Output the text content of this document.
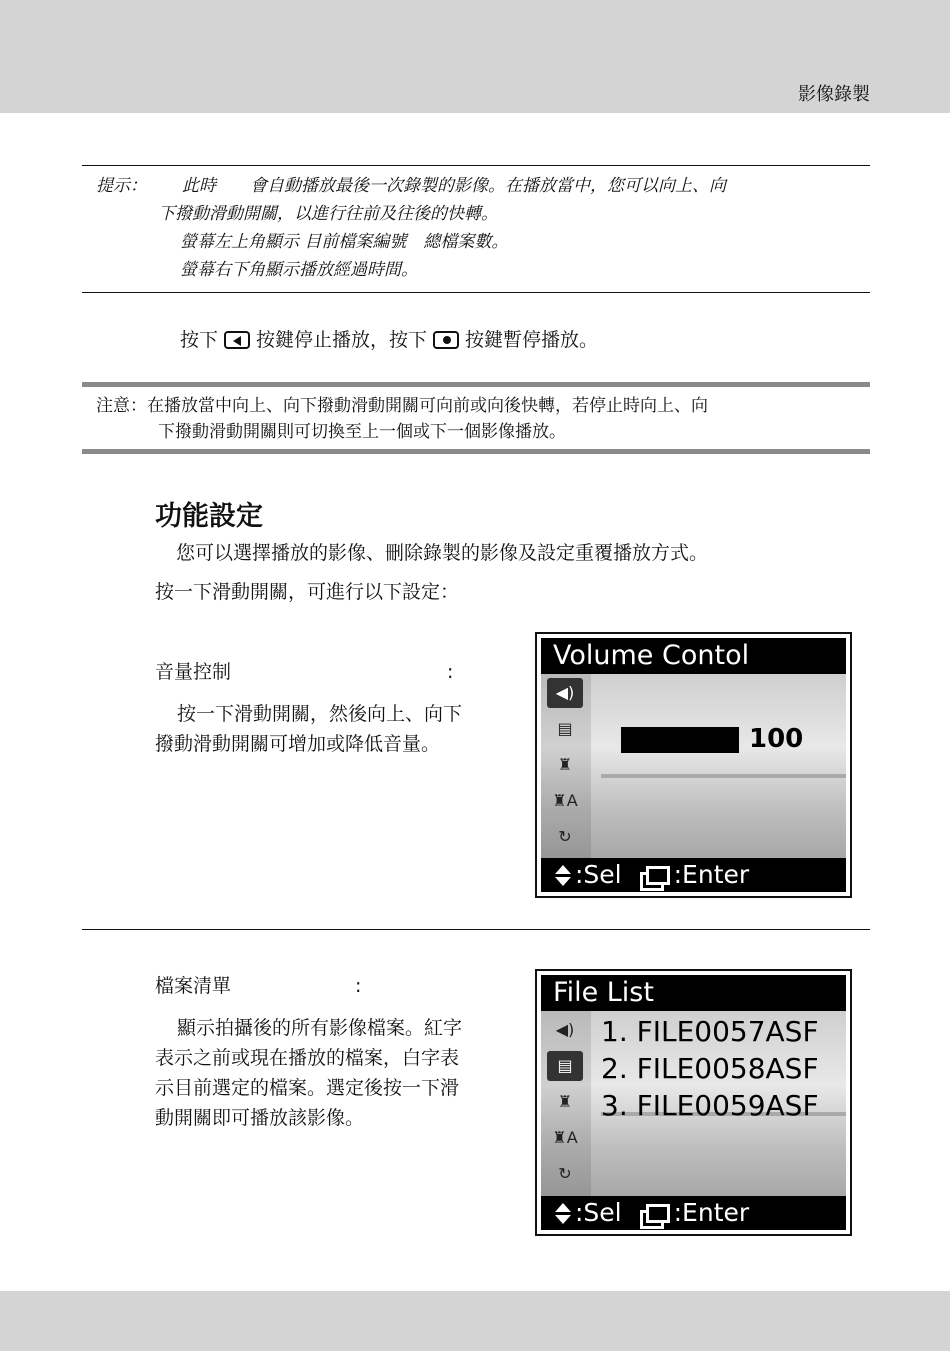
影像錄製
提示： 此時　　會自動播放最後一次錄製的影像。在播放當中，您可以向上、向
下撥動滑動開關，以進行往前及往後的快轉。
螢幕左上角顯示 目前檔案編號　總檔案數。
螢幕右下角顯示播放經過時間。
按下 按鍵停止播放，按下 按鍵暫停播放。
注意：在播放當中向上、向下撥動滑動開關可向前或向後快轉，若停止時向上、向
下撥動滑動開關則可切換至上一個或下一個影像播放。
功能設定
您可以選擇播放的影像、刪除錄製的影像及設定重覆播放方式。
按一下滑動開關，可進行以下設定：
音量控制	:
按一下滑動開關，然後向上、向下
撥動滑動開關可增加或降低音量。
Volume Contol
◀)
▤
♜
♜A
↻
100
:Sel :Enter
檔案清單	:
顯示拍攝後的所有影像檔案。紅字
表示之前或現在播放的檔案，白字表
示目前選定的檔案。選定後按一下滑
動開關即可播放該影像。
File List
◀)
▤
♜
♜A
↻
1. FILE0057ASF
2. FILE0058ASF
3. FILE0059ASF
:Sel :Enter
